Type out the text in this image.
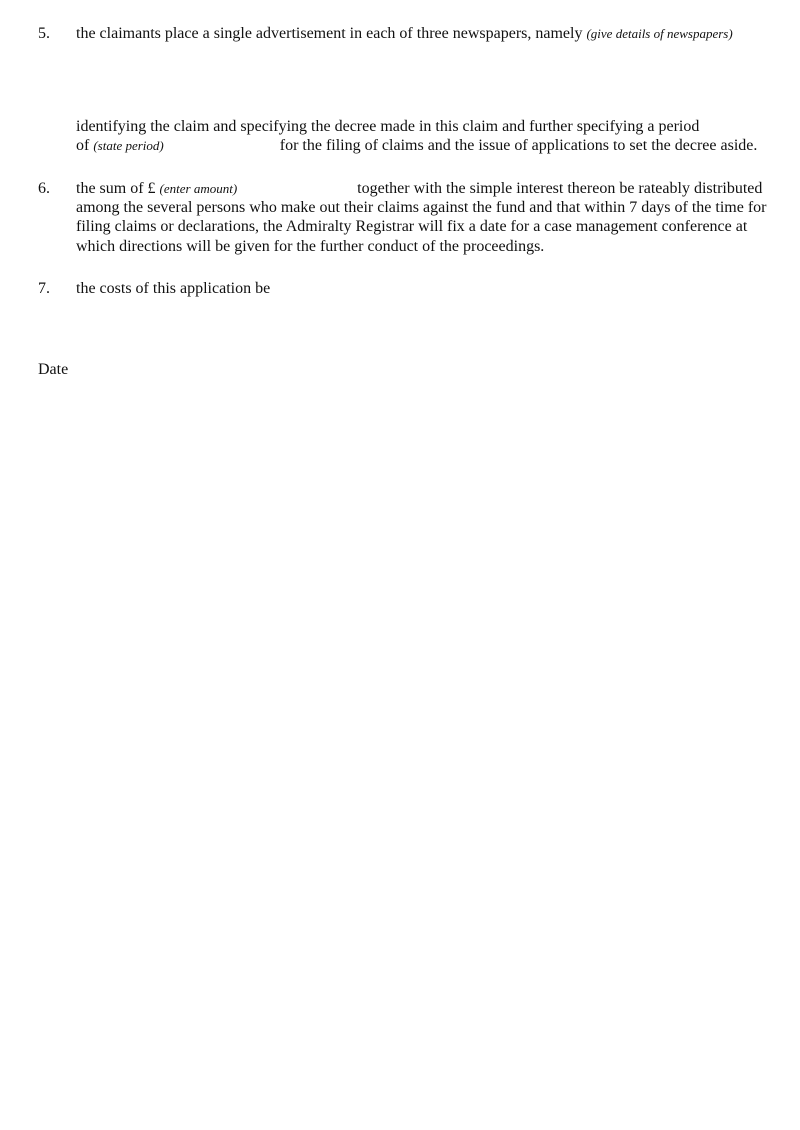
5.	the claimants place a single advertisement in each of three newspapers, namely (give details of newspapers)
identifying the claim and specifying the decree made in this claim and further specifying a period
of (state period)	for the filing of claims and the issue of applications to set the decree aside.
6.	the sum of £ (enter amount)	together with the simple interest thereon be rateably distributed
among the several persons who make out their claims against the fund and that within 7 days of the time for
filing claims or declarations, the Admiralty Registrar will fix a date for a case management conference at
which directions will be given for the further conduct of the proceedings.
7.	the costs of this application be
Date
